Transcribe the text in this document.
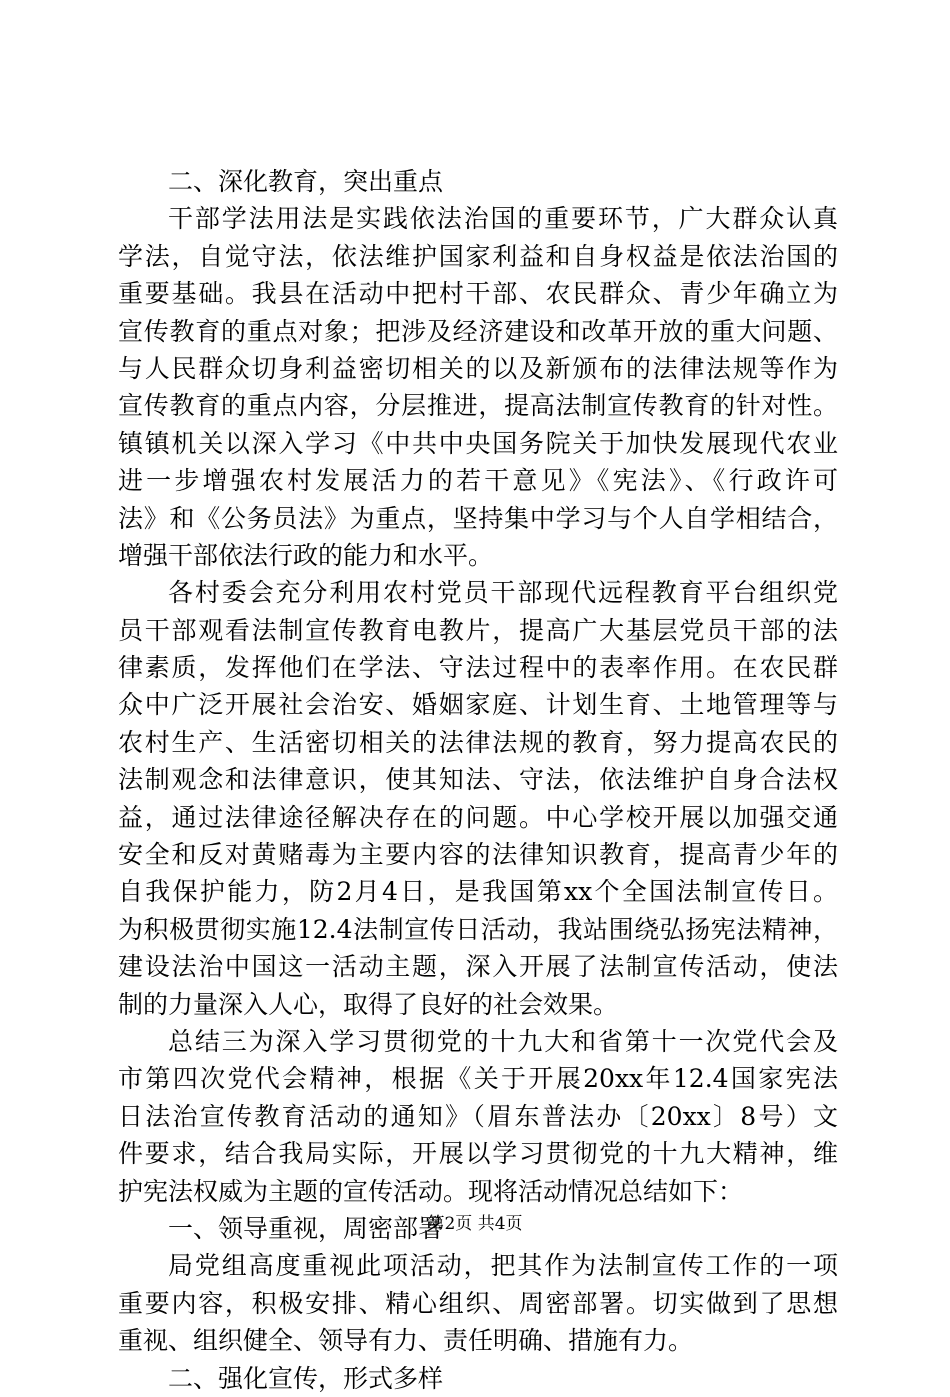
二、深化教育，突出重点
干部学法用法是实践依法治国的重要环节，广大群众认真
学法，自觉守法，依法维护国家利益和自身权益是依法治国的
重要基础。我县在活动中把村干部、农民群众、青少年确立为
宣传教育的重点对象；把涉及经济建设和改革开放的重大问题、
与人民群众切身利益密切相关的以及新颁布的法律法规等作为
宣传教育的重点内容，分层推进，提高法制宣传教育的针对性。
镇镇机关以深入学习《中共中央国务院关于加快发展现代农业
进一步增强农村发展活力的若干意见》《宪法》、《行政许可
法》和《公务员法》为重点，坚持集中学习与个人自学相结合，
增强干部依法行政的能力和水平。
各村委会充分利用农村党员干部现代远程教育平台组织党
员干部观看法制宣传教育电教片，提高广大基层党员干部的法
律素质，发挥他们在学法、守法过程中的表率作用。在农民群
众中广泛开展社会治安、婚姻家庭、计划生育、土地管理等与
农村生产、生活密切相关的法律法规的教育，努力提高农民的
法制观念和法律意识，使其知法、守法，依法维护自身合法权
益，通过法律途径解决存在的问题。中心学校开展以加强交通
安全和反对黄赌毒为主要内容的法律知识教育，提高青少年的
自我保护能力，防2月4日，是我国第xx个全国法制宣传日。
为积极贯彻实施12.4法制宣传日活动，我站围绕弘扬宪法精神，
建设法治中国这一活动主题，深入开展了法制宣传活动，使法
制的力量深入人心，取得了良好的社会效果。
总结三为深入学习贯彻党的十九大和省第十一次党代会及
市第四次党代会精神，根据《关于开展20xx年12.4国家宪法
日法治宣传教育活动的通知》（眉东普法办〔20xx〕8号）文
件要求，结合我局实际，开展以学习贯彻党的十九大精神，维
护宪法权威为主题的宣传活动。现将活动情况总结如下：
一、领导重视，周密部署
局党组高度重视此项活动，把其作为法制宣传工作的一项
重要内容，积极安排、精心组织、周密部署。切实做到了思想
重视、组织健全、领导有力、责任明确、措施有力。
二、强化宣传，形式多样
第2页 共4页
